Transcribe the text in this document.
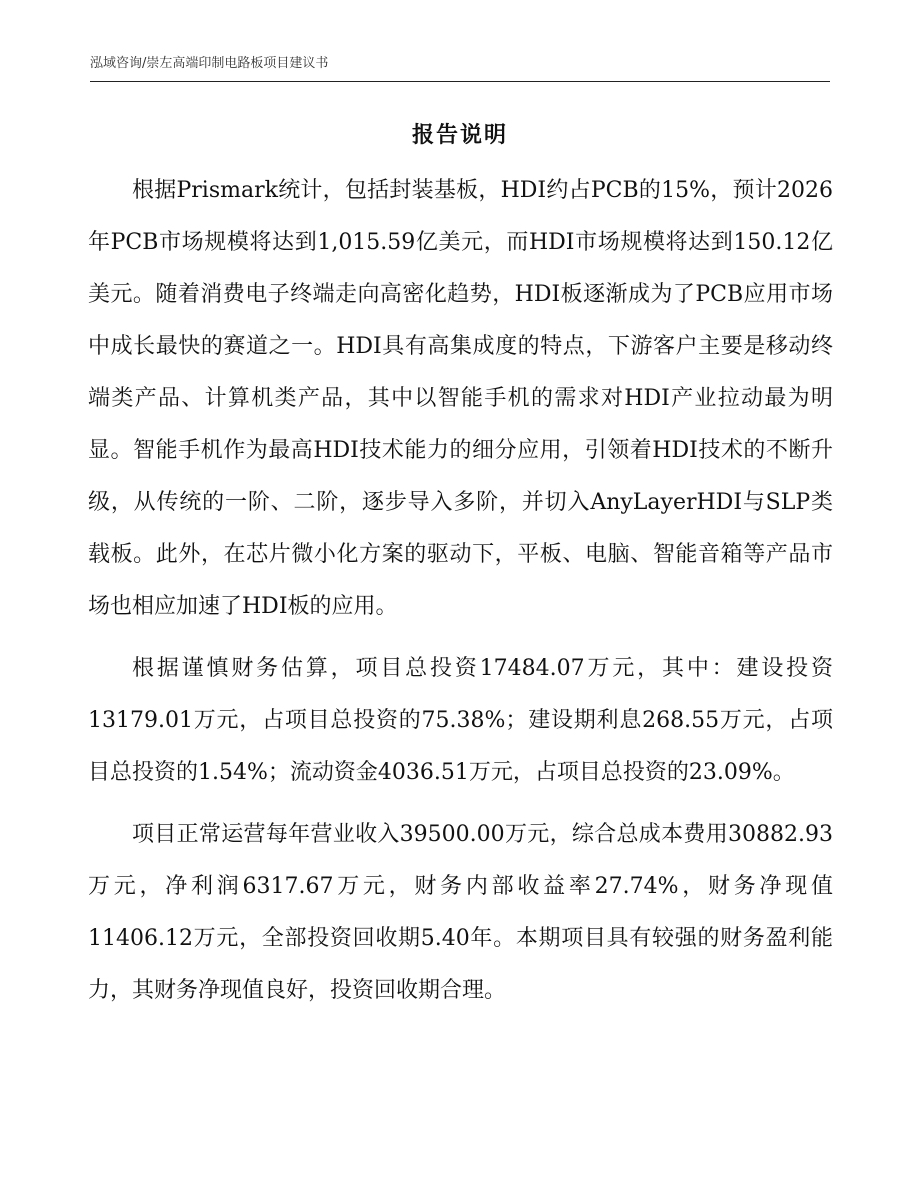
泓域咨询/崇左高端印制电路板项目建议书
报告说明

根据Prismark统计，包括封装基板，HDI约占PCB的15%，预计2026年PCB市场规模将达到1,015.59亿美元，而HDI市场规模将达到150.12亿美元。随着消费电子终端走向高密化趋势，HDI板逐渐成为了PCB应用市场中成长最快的赛道之一。HDI具有高集成度的特点，下游客户主要是移动终端类产品、计算机类产品，其中以智能手机的需求对HDI产业拉动最为明显。智能手机作为最高HDI技术能力的细分应用，引领着HDI技术的不断升级，从传统的一阶、二阶，逐步导入多阶，并切入AnyLayerHDI与SLP类载板。此外，在芯片微小化方案的驱动下，平板、电脑、智能音箱等产品市场也相应加速了HDI板的应用。

根据谨慎财务估算，项目总投资17484.07万元，其中：建设投资13179.01万元，占项目总投资的75.38%；建设期利息268.55万元，占项目总投资的1.54%；流动资金4036.51万元，占项目总投资的23.09%。

项目正常运营每年营业收入39500.00万元，综合总成本费用30882.93万元，净利润6317.67万元，财务内部收益率27.74%，财务净现值11406.12万元，全部投资回收期5.40年。本期项目具有较强的财务盈利能力，其财务净现值良好，投资回收期合理。
